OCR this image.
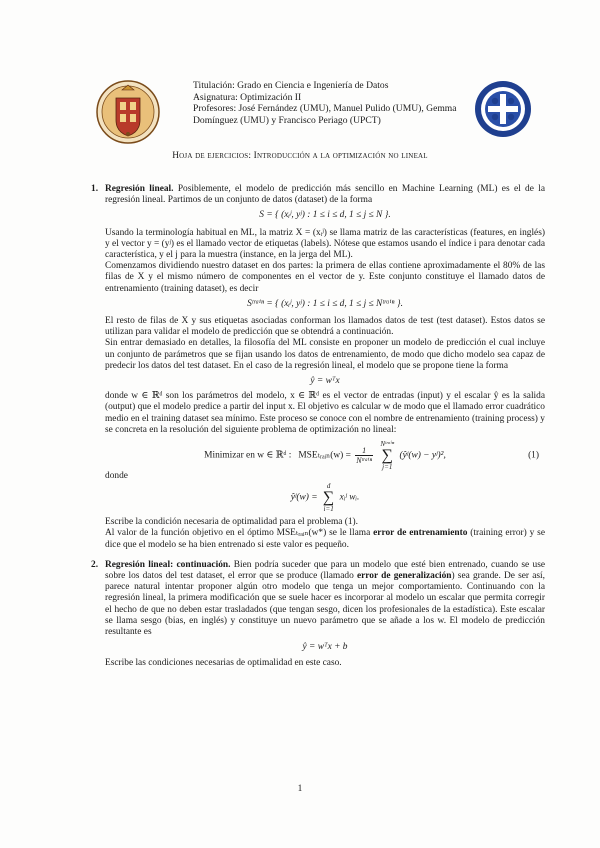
Titulación: Grado en Ciencia e Ingeniería de Datos

Asignatura: Optimización II

Profesores: José Fernández (UMU), Manuel Pulido (UMU), Gemma

Domínguez (UMU) y Francisco Periago (UPCT)

Hoja de ejercicios: Introducción a la optimización no lineal
1. Regresión lineal. Posiblemente, el modelo de predicción más sencillo en Machine Learning (ML) es el de la regresión lineal. Partimos de un conjunto de datos (dataset) de la forma

S = { (xᵢʲ, yʲ) : 1 ≤ i ≤ d, 1 ≤ j ≤ N }.

Usando la terminología habitual en ML, la matriz X = (xᵢʲ) se llama matriz de las características (features, en inglés) y el vector y = (yʲ) es el llamado vector de etiquetas (labels). Nótese que estamos usando el índice i para denotar cada característica, y el j para la muestra (instance, en la jerga del ML).

Comenzamos dividiendo nuestro dataset en dos partes: la primera de ellas contiene aproximadamente el 80% de las filas de X y el mismo número de componentes en el vector de y. Este conjunto constituye el llamado datos de entrenamiento (training dataset), es decir

Sᵗʳᵃⁱⁿ = { (xᵢʲ, yʲ) : 1 ≤ i ≤ d, 1 ≤ j ≤ Nᵗʳᵃⁱⁿ }.

El resto de filas de X y sus etiquetas asociadas conforman los llamados datos de test (test dataset). Estos datos se utilizan para validar el modelo de predicción que se obtendrá a continuación.

Sin entrar demasiado en detalles, la filosofía del ML consiste en proponer un modelo de predicción el cual incluye un conjunto de parámetros que se fijan usando los datos de entrenamiento, de modo que dicho modelo sea capaz de predecir los datos del test dataset. En el caso de la regresión lineal, el modelo que se propone tiene la forma

ŷ = wᵀx

donde w ∈ ℝᵈ son los parámetros del modelo, x ∈ ℝᵈ es el vector de entradas (input) y el escalar ŷ es la salida (output) que el modelo predice a partir del input x. El objetivo es calcular w de modo que el llamado error cuadrático medio en el training dataset sea mínimo. Este proceso se conoce con el nombre de entrenamiento (training process) y se concreta en la resolución del siguiente problema de optimización no lineal:

Minimizar en w ∈ ℝᵈ : MSEₜᵣₐᵢₙ(w) = $\frac{1}{\text{Nᵗʳᵃⁱⁿ}}$

Nᵗʳᵃⁱⁿ
∑
j=1
(ŷʲ(w) − yʲ)²,	(1)

donde

ŷʲ(w) =
d
∑
i=1
xᵢʲ wᵢ.

Escribe la condición necesaria de optimalidad para el problema (1).

Al valor de la función objetivo en el óptimo MSEₜᵣₐᵢₙ(w*) se le llama error de entrenamiento (training error) y se dice que el modelo se ha bien entrenado si este valor es pequeño.

2. Regresión lineal: continuación. Bien podría suceder que para un modelo que esté bien entrenado, cuando se use sobre los datos del test dataset, el error que se produce (llamado error de generalización) sea grande. De ser así, parece natural intentar proponer algún otro modelo que tenga un mejor comportamiento. Continuando con la regresión lineal, la primera modificación que se suele hacer es incorporar al modelo un escalar que permita corregir el hecho de que no deben estar trasladados (que tengan sesgo, dicen los profesionales de la estadística). Este escalar se llama sesgo (bias, en inglés) y constituye un nuevo parámetro que se añade a los w. El modelo de predicción resultante es

ŷ = wᵀx + b

Escribe las condiciones necesarias de optimalidad en este caso.

1
